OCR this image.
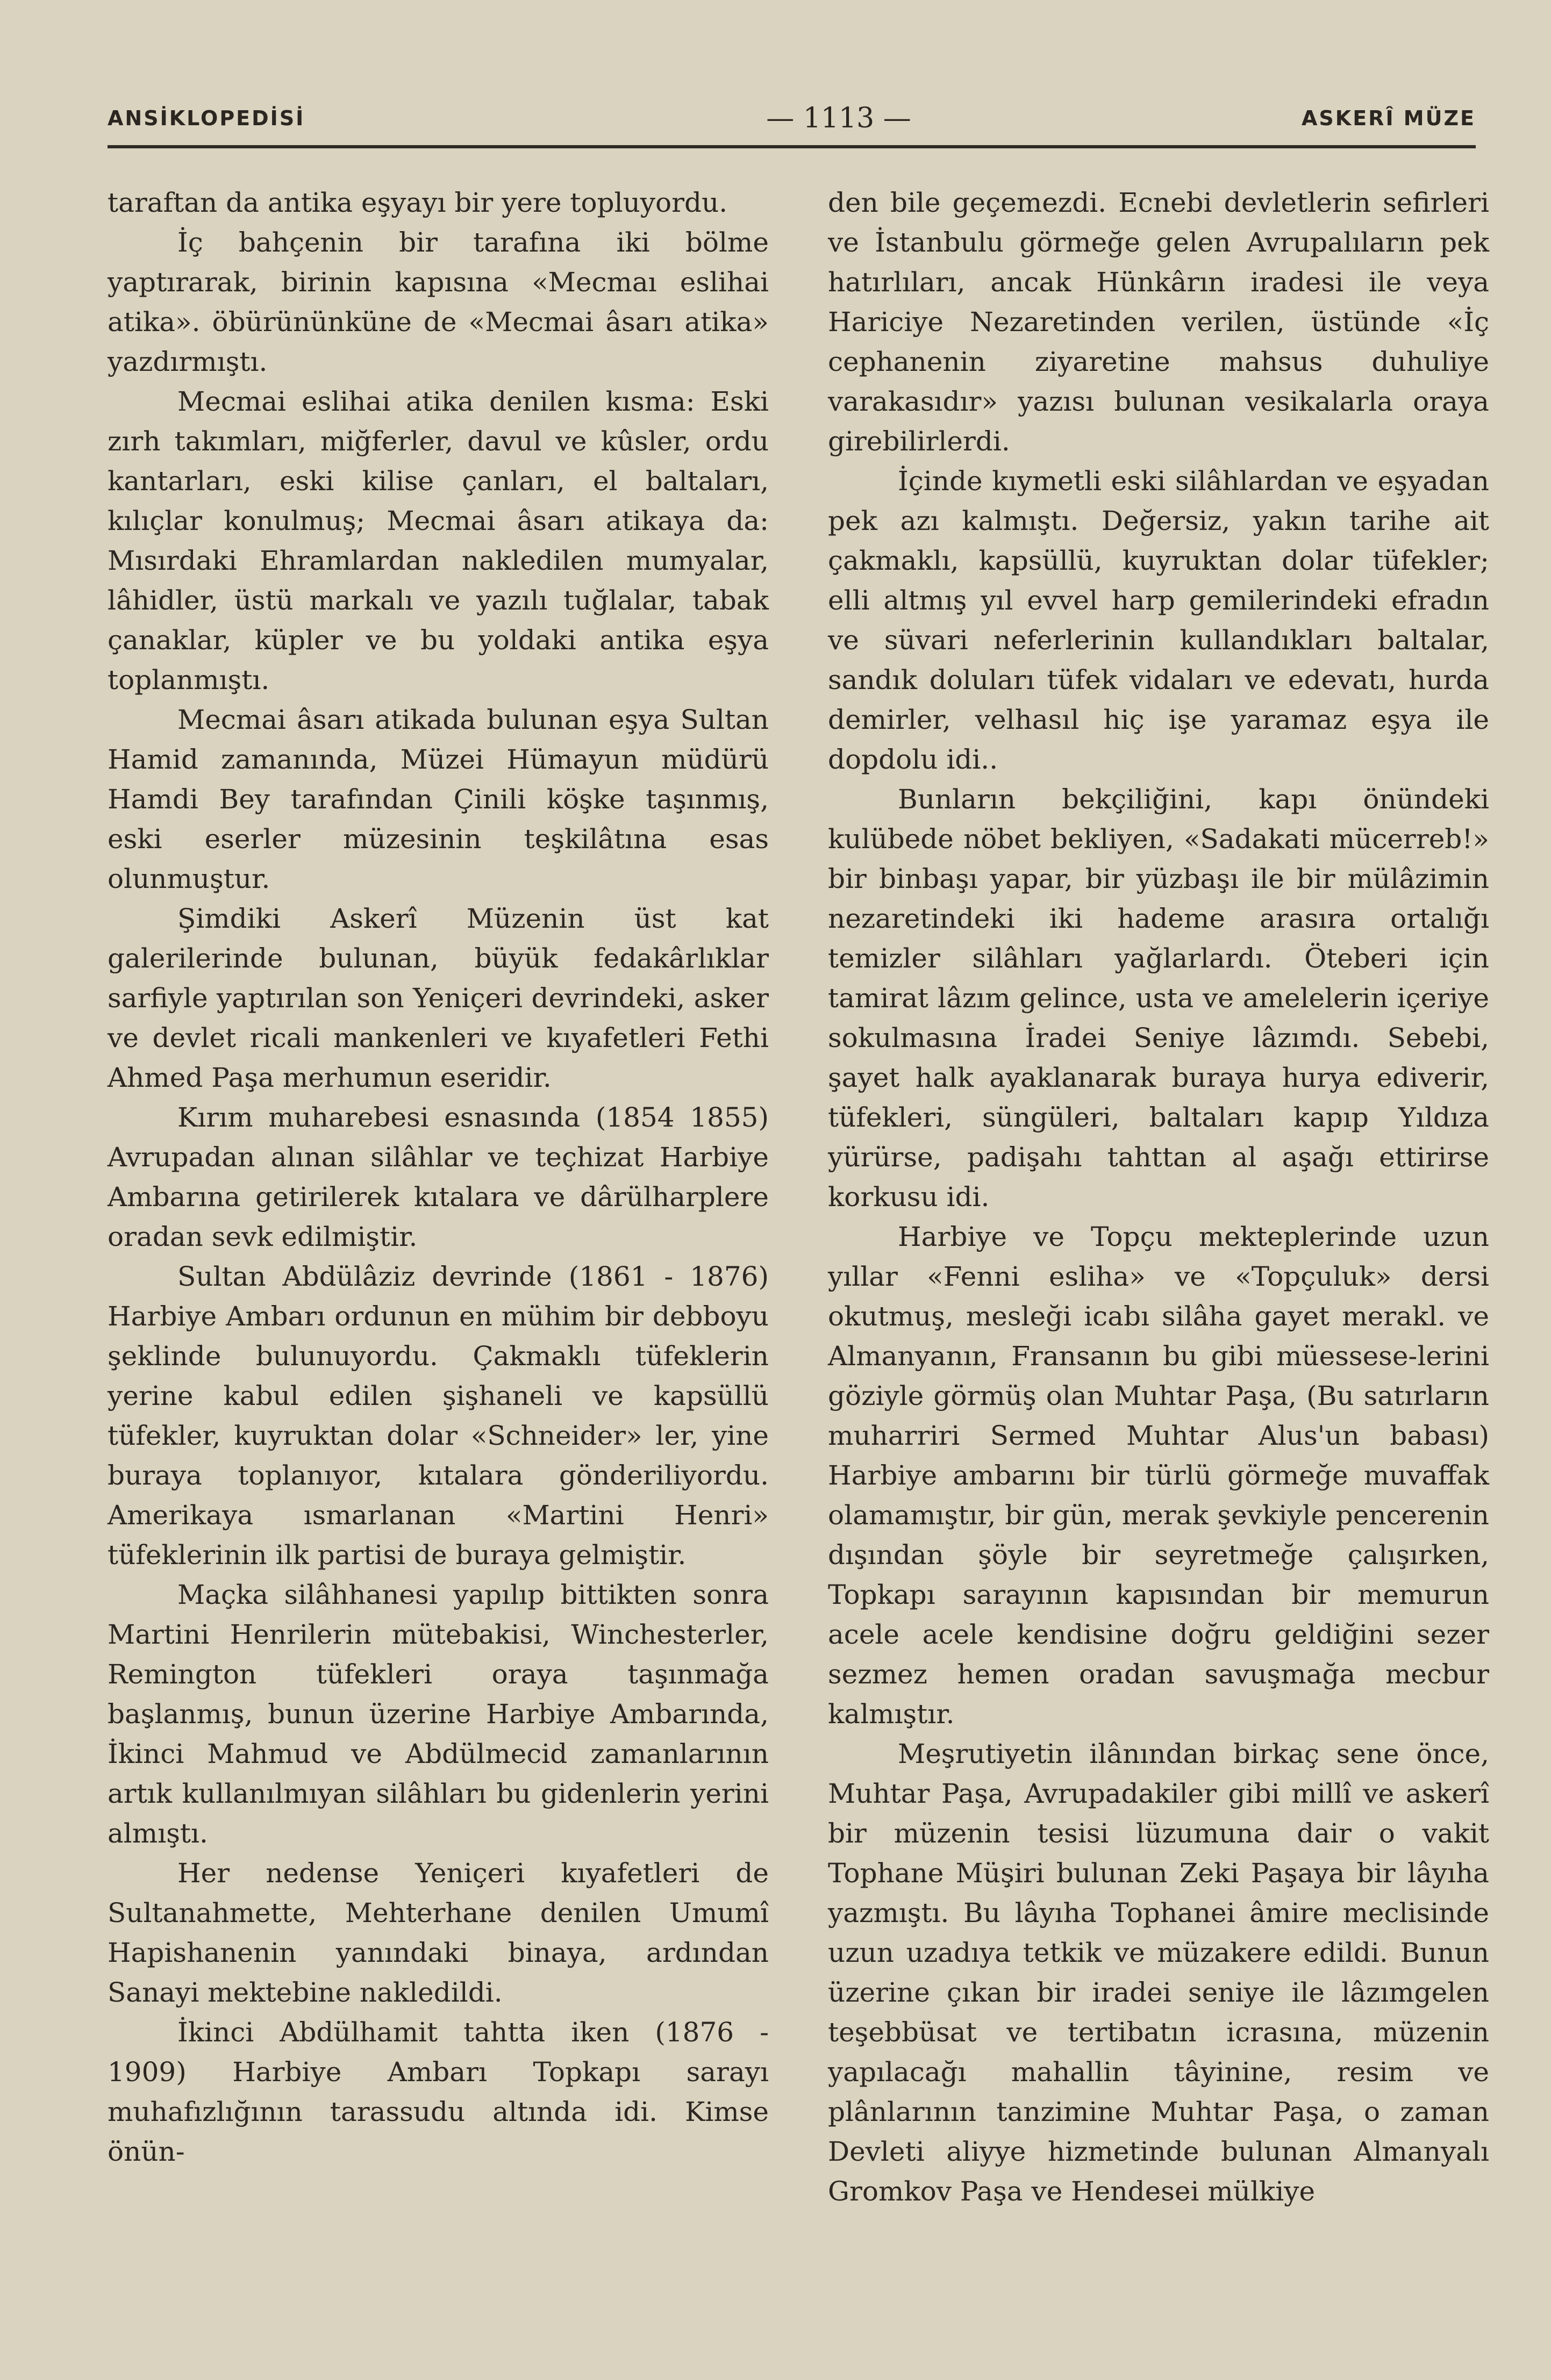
ANSİKLOPEDİSİ	— 1113 —	ASKERÎ MÜZE

taraftan da antika eşyayı bir yere topluyordu.

İç bahçenin bir tarafına iki bölme yaptırarak, birinin kapısına «Mecmaı eslihai atika». öbürününküne de «Mecmai âsarı atika» yazdırmıştı.

Mecmai eslihai atika denilen kısma: Eski zırh takımları, miğferler, davul ve kûsler, ordu kantarları, eski kilise çanları, el baltaları, kılıçlar konulmuş; Mecmai âsarı atikaya da: Mısırdaki Ehramlardan nakledilen mumyalar, lâhidler, üstü markalı ve yazılı tuğlalar, tabak çanaklar, küpler ve bu yoldaki antika eşya toplanmıştı.

Mecmai âsarı atikada bulunan eşya Sultan Hamid zamanında, Müzei Hümayun müdürü Hamdi Bey tarafından Çinili köşke taşınmış, eski eserler müzesinin teşkilâtına esas olunmuştur.

Şimdiki Askerî Müzenin üst kat galerilerinde bulunan, büyük fedakârlıklar sarfiyle yaptırılan son Yeniçeri devrindeki, asker ve devlet ricali mankenleri ve kıyafetleri Fethi Ahmed Paşa merhumun eseridir.

Kırım muharebesi esnasında (1854 1855) Avrupadan alınan silâhlar ve teçhizat Harbiye Ambarına getirilerek kıtalara ve dârülharplere oradan sevk edilmiştir.

Sultan Abdülâziz devrinde (1861 - 1876) Harbiye Ambarı ordunun en mühim bir debboyu şeklinde bulunuyordu. Çakmaklı tüfeklerin yerine kabul edilen şişhaneli ve kapsüllü tüfekler, kuyruktan dolar «Schneider» ler, yine buraya toplanıyor, kıtalara gönderiliyordu. Amerikaya ısmarlanan «Martini Henri» tüfeklerinin ilk partisi de buraya gelmiştir.

Maçka silâhhanesi yapılıp bittikten sonra Martini Henrilerin mütebakisi, Winchesterler, Remington tüfekleri oraya taşınmağa başlanmış, bunun üzerine Harbiye Ambarında, İkinci Mahmud ve Abdülmecid zamanlarının artık kullanılmıyan silâhları bu gidenlerin yerini almıştı.

Her nedense Yeniçeri kıyafetleri de Sultanahmette, Mehterhane denilen Umumî Hapishanenin yanındaki binaya, ardından Sanayi mektebine nakledildi.

İkinci Abdülhamit tahtta iken (1876 - 1909) Harbiye Ambarı Topkapı sarayı muhafızlığının tarassudu altında idi. Kimse önün-

den bile geçemezdi. Ecnebi devletlerin sefirleri ve İstanbulu görmeğe gelen Avrupalıların pek hatırlıları, ancak Hünkârın iradesi ile veya Hariciye Nezaretinden verilen, üstünde «İç cephanenin ziyaretine mahsus duhuliye varakasıdır» yazısı bulunan vesikalarla oraya girebilirlerdi.

İçinde kıymetli eski silâhlardan ve eşyadan pek azı kalmıştı. Değersiz, yakın tarihe ait çakmaklı, kapsüllü, kuyruktan dolar tüfekler; elli altmış yıl evvel harp gemilerindeki efradın ve süvari neferlerinin kullandıkları baltalar, sandık doluları tüfek vidaları ve edevatı, hurda demirler, velhasıl hiç işe yaramaz eşya ile dopdolu idi..

Bunların bekçiliğini, kapı önündeki kulübede nöbet bekliyen, «Sadakati mücerreb!» bir binbaşı yapar, bir yüzbaşı ile bir mülâzimin nezaretindeki iki hademe arasıra ortalığı temizler silâhları yağlarlardı. Öteberi için tamirat lâzım gelince, usta ve amelelerin içeriye sokulmasına İradei Seniye lâzımdı. Sebebi, şayet halk ayaklanarak buraya hurya ediverir, tüfekleri, süngüleri, baltaları kapıp Yıldıza yürürse, padişahı tahttan al aşağı ettirirse korkusu idi.

Harbiye ve Topçu mekteplerinde uzun yıllar «Fenni esliha» ve «Topçuluk» dersi okutmuş, mesleği icabı silâha gayet merakl. ve Almanyanın, Fransanın bu gibi müessese-lerini göziyle görmüş olan Muhtar Paşa, (Bu satırların muharriri Sermed Muhtar Alus'un babası) Harbiye ambarını bir türlü görmeğe muvaffak olamamıştır, bir gün, merak şevkiyle pencerenin dışından şöyle bir seyretmeğe çalışırken, Topkapı sarayının kapısından bir memurun acele acele kendisine doğru geldiğini sezer sezmez hemen oradan savuşmağa mecbur kalmıştır.

Meşrutiyetin ilânından birkaç sene önce, Muhtar Paşa, Avrupadakiler gibi millî ve askerî bir müzenin tesisi lüzumuna dair o vakit Tophane Müşiri bulunan Zeki Paşaya bir lâyıha yazmıştı. Bu lâyıha Tophanei âmire meclisinde uzun uzadıya tetkik ve müzakere edildi. Bunun üzerine çıkan bir iradei seniye ile lâzımgelen teşebbüsat ve tertibatın icrasına, müzenin yapılacağı mahallin tâyinine, resim ve plânlarının tanzimine Muhtar Paşa, o zaman Devleti aliyye hizmetinde bulunan Almanyalı Gromkov Paşa ve Hendesei mülkiye
